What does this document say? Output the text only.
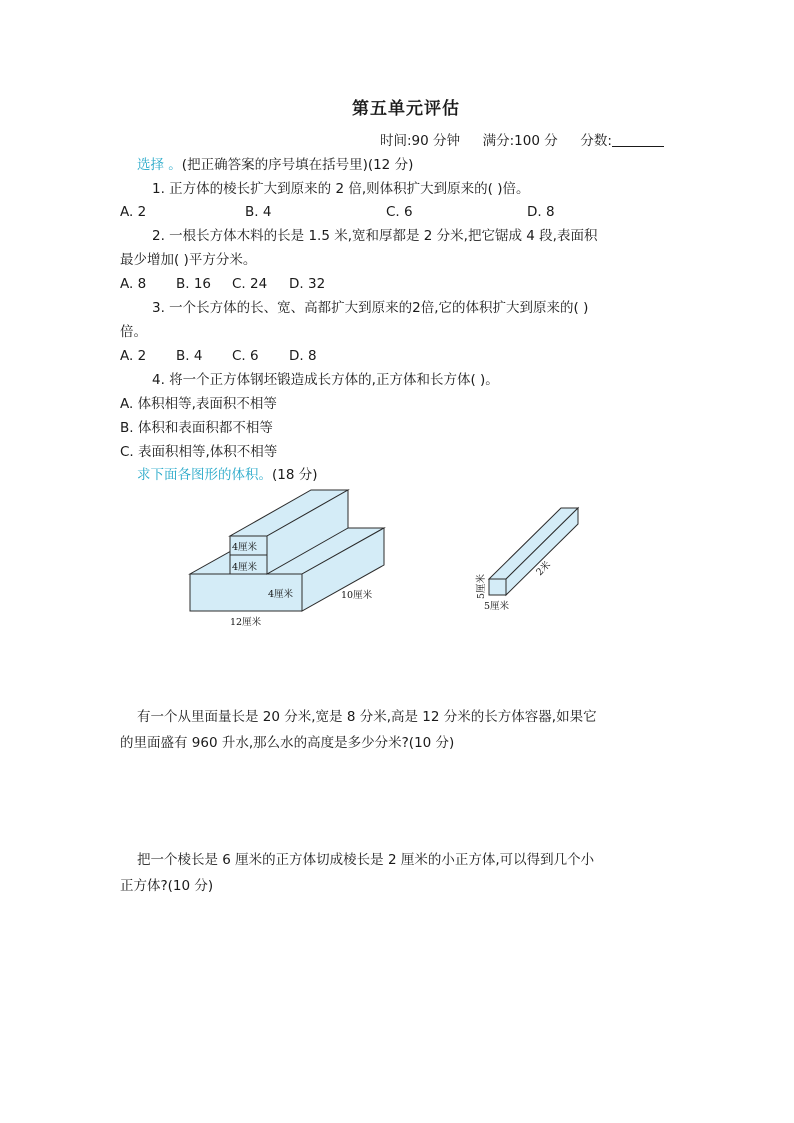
第五单元评估
时间:90 分钟 满分:100 分 分数:
选择 。(把正确答案的序号填在括号里)(12 分)
1. 正方体的棱长扩大到原来的 2 倍,则体积扩大到原来的( )倍。
A. 2	B. 4	C. 6	D. 8
2. 一根长方体木料的长是 1.5 米,宽和厚都是 2 分米,把它锯成 4 段,表面积
最少增加( )平方分米。
A. 8 B. 16 C. 24 D. 32
3. 一个长方体的长、宽、高都扩大到原来的2倍,它的体积扩大到原来的( )
倍。
A. 2 B. 4 C. 6 D. 8
4. 将一个正方体钢坯锻造成长方体的,正方体和长方体( )。
A. 体积相等,表面积不相等
B. 体积和表面积都不相等
C. 表面积相等,体积不相等
求下面各图形的体积。(18 分)
4厘米
4厘米
4厘米	10厘米
12厘米
5厘米
5厘米
2米
有一个从里面量长是 20 分米,宽是 8 分米,高是 12 分米的长方体容器,如果它
的里面盛有 960 升水,那么水的高度是多少分米?(10 分)
把一个棱长是 6 厘米的正方体切成棱长是 2 厘米的小正方体,可以得到几个小
正方体?(10 分)
